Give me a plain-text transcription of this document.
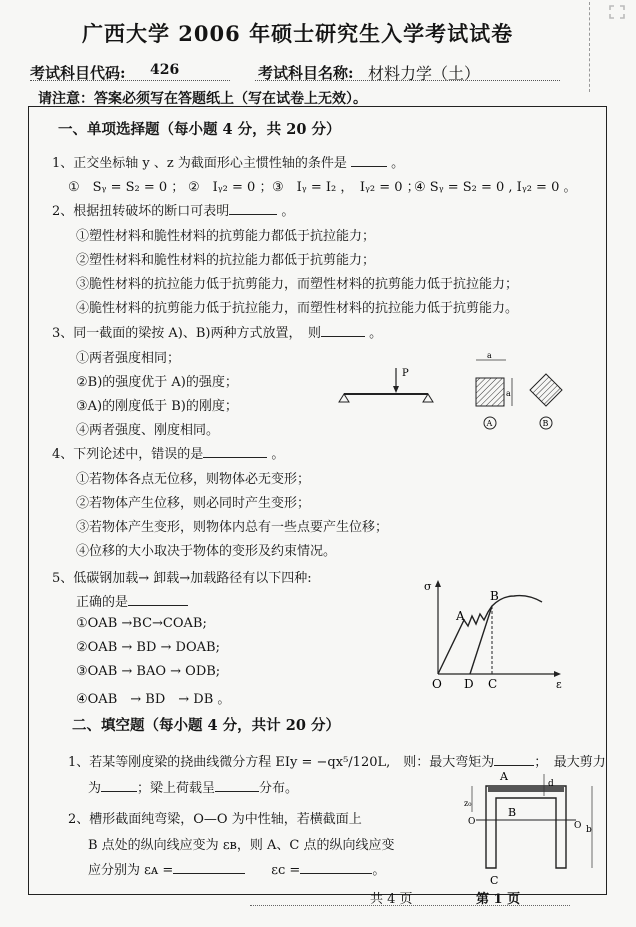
广西大学 2006 年硕士研究生入学考试试卷
考试科目代码: 426	考试科目名称: 材料力学（土）
请注意：答案必须写在答题纸上（写在试卷上无效）。
一、单项选择题（每小题 4 分，共 20 分）
1、正交坐标轴 y 、z 为截面形心主惯性轴的条件是	。
①　Sᵧ = S₂ = 0 ； ②　Iᵧ₂ = 0 ； ③　Iᵧ = I₂ ，　Iᵧ₂ = 0 ；
④ Sᵧ = S₂ = 0 , Iᵧ₂ = 0 。
2、根据扭转破坏的断口可表明	。
①塑性材料和脆性材料的抗剪能力都低于抗拉能力；
②塑性材料和脆性材料的抗拉能力都低于抗剪能力；
③脆性材料的抗拉能力低于抗剪能力，而塑性材料的抗剪能力低于抗拉能力；
④脆性材料的抗剪能力低于抗拉能力，而塑性材料的抗拉能力低于抗剪能力。
3、同一截面的梁按 A)、B)两种方式放置，　则	。
①两者强度相同；
②B)的强度优于 A)的强度；
③A)的刚度低于 B)的刚度；
④两者强度、刚度相同。
P
a
a
A	B
4、下列论述中，错误的是	。
①若物体各点无位移，则物体必无变形；
②若物体产生位移，则必同时产生变形；
③若物体产生变形，则物体内总有一些点要产生位移；
④位移的大小取决于物体的变形及约束情况。
5、低碳钢加载→ 卸载→加载路径有以下四种:
正确的是
①OAB →BC→COAB;
②OAB → BD → DOAB;
③OAB → BAO → ODB;
④OAB　→ BD　→ DB 。
σ
A
B
O D C	ε
二、填空题（每小题 4 分，共计 20 分）
1、若某等刚度梁的挠曲线微分方程 EIy = −qx⁵/120L,　则：最大弯矩为	；　最大剪力
为	；梁上荷载呈	分布。
2、槽形截面纯弯梁，O—O 为中性轴，若横截面上
B 点处的纵向线应变为 εʙ，则 A、C 点的纵向线应变
应分别为 εᴀ =　　	εᴄ =	。
O	O
z₀
A
B
C
d
b
共 4 页	第 1 页
